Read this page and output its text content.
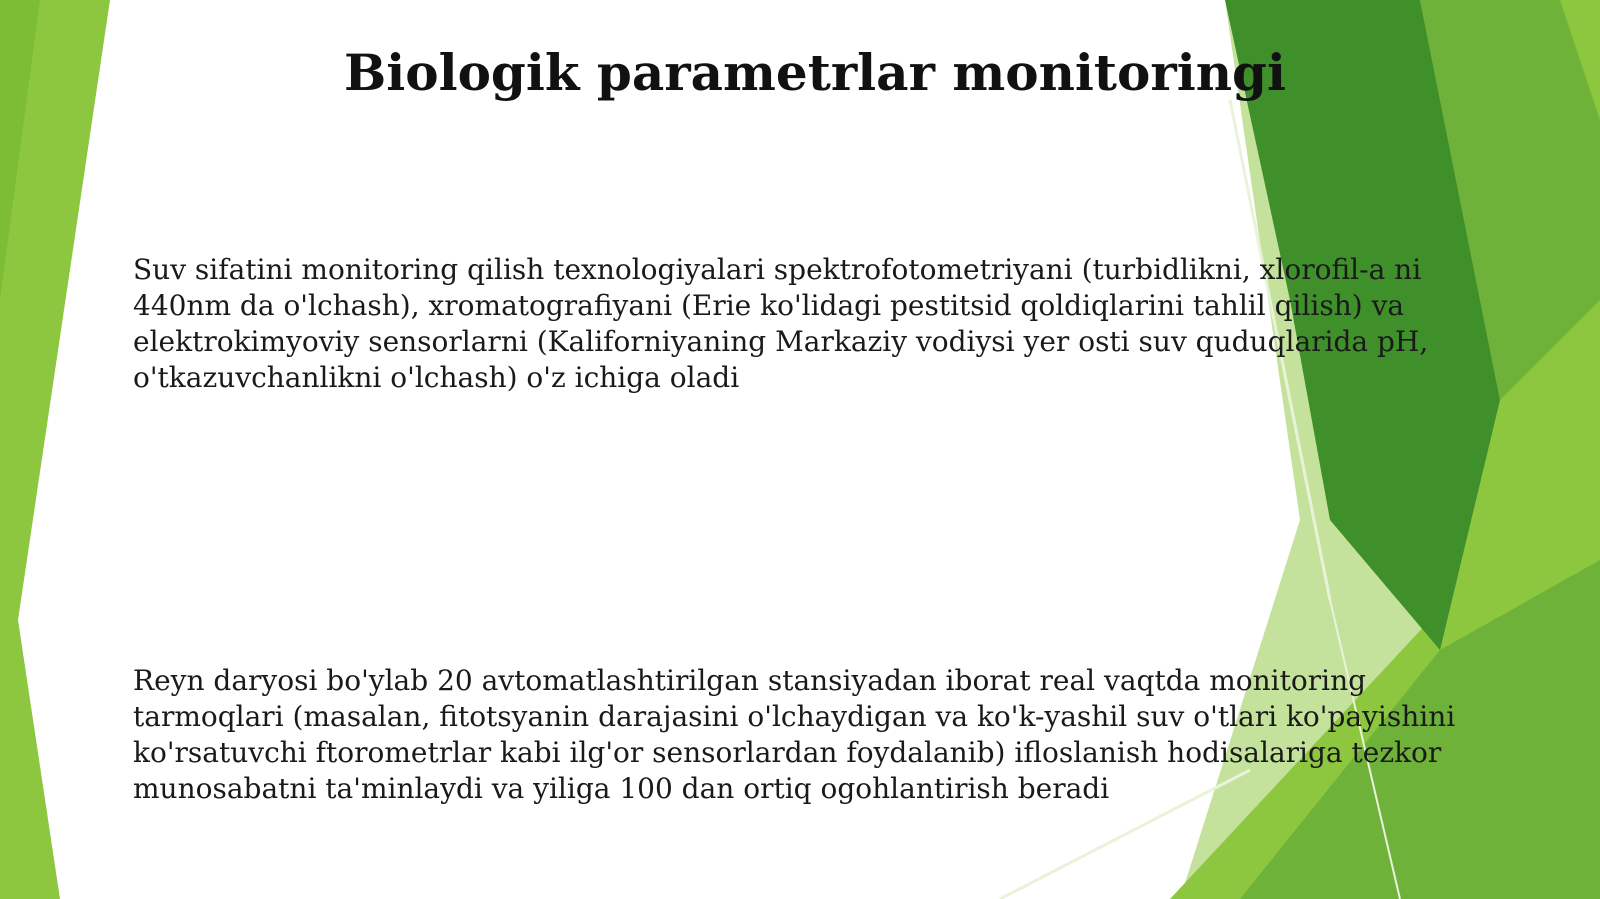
Biologik parametrlar monitoringi

Suv sifatini monitoring qilish texnologiyalari spektrofotometriyani (turbidlikni, xlorofil-a ni 440nm da o'lchash), xromatografiyani (Erie ko'lidagi pestitsid qoldiqlarini tahlil qilish) va elektrokimyoviy sensorlarni (Kaliforniyaning Markaziy vodiysi yer osti suv quduqlarida pH, o'tkazuvchanlikni o'lchash) o'z ichiga oladi

Reyn daryosi bo'ylab 20 avtomatlashtirilgan stansiyadan iborat real vaqtda monitoring tarmoqlari (masalan, fitotsyanin darajasini o'lchaydigan va ko'k-yashil suv o'tlari ko'payishini ko'rsatuvchi ftorometrlar kabi ilg'or sensorlardan foydalanib) ifloslanish hodisalariga tezkor munosabatni ta'minlaydi va yiliga 100 dan ortiq ogohlantirish beradi
